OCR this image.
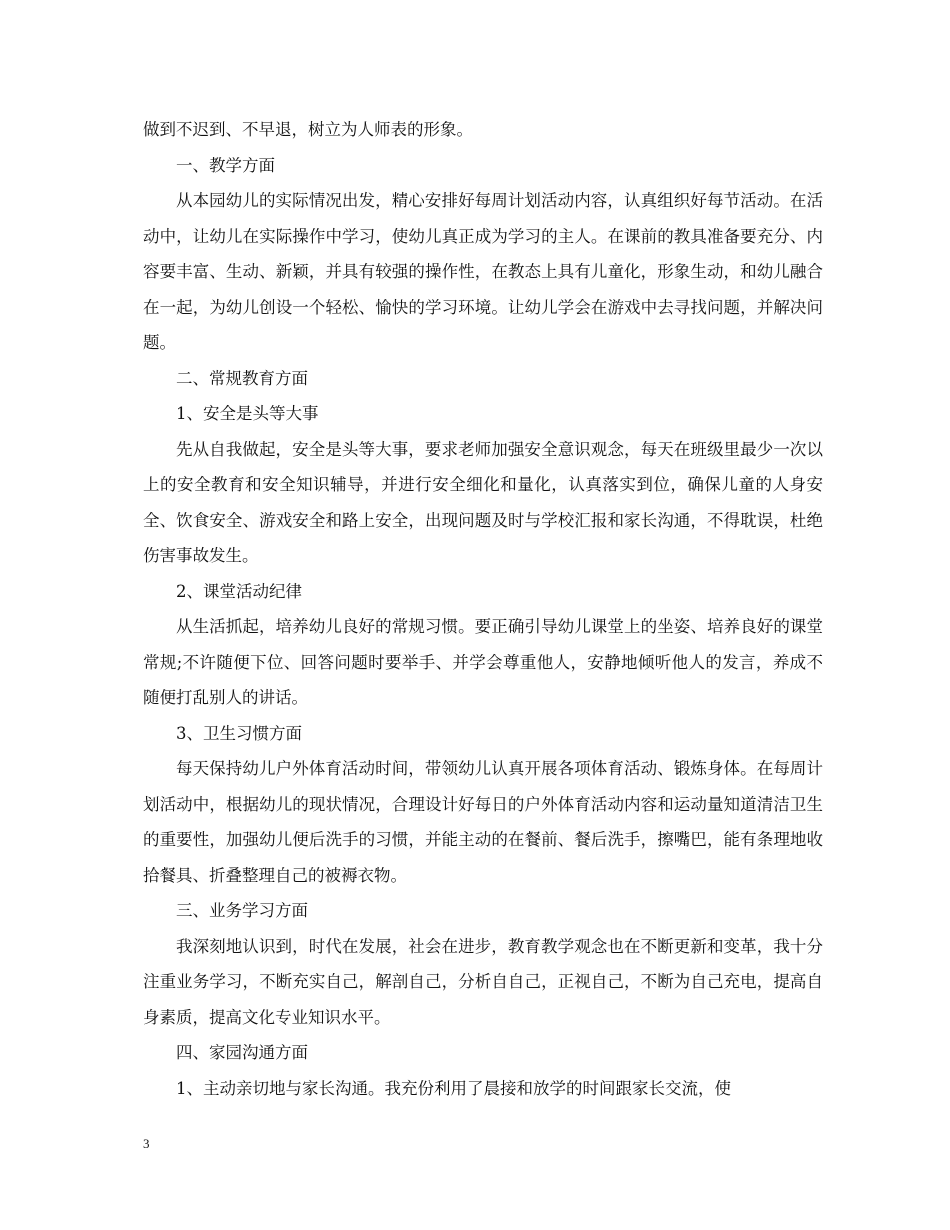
做到不迟到、不早退，树立为人师表的形象。

一、教学方面

从本园幼儿的实际情况出发，精心安排好每周计划活动内容，认真组织好每节活动。在活动中，让幼儿在实际操作中学习，使幼儿真正成为学习的主人。在课前的教具准备要充分、内容要丰富、生动、新颖，并具有较强的操作性，在教态上具有儿童化，形象生动，和幼儿融合在一起，为幼儿创设一个轻松、愉快的学习环境。让幼儿学会在游戏中去寻找问题，并解决问题。

二、常规教育方面

1、安全是头等大事

先从自我做起，安全是头等大事，要求老师加强安全意识观念，每天在班级里最少一次以上的安全教育和安全知识辅导，并进行安全细化和量化，认真落实到位，确保儿童的人身安全、饮食安全、游戏安全和路上安全，出现问题及时与学校汇报和家长沟通，不得耽误，杜绝伤害事故发生。

2、课堂活动纪律

从生活抓起，培养幼儿良好的常规习惯。要正确引导幼儿课堂上的坐姿、培养良好的课堂常规;不许随便下位、回答问题时要举手、并学会尊重他人，安静地倾听他人的发言，养成不随便打乱别人的讲话。

3、卫生习惯方面

每天保持幼儿户外体育活动时间，带领幼儿认真开展各项体育活动、锻炼身体。在每周计划活动中，根据幼儿的现状情况，合理设计好每日的户外体育活动内容和运动量知道清洁卫生的重要性，加强幼儿便后洗手的习惯，并能主动的在餐前、餐后洗手，擦嘴巴，能有条理地收拾餐具、折叠整理自己的被褥衣物。

三、业务学习方面

我深刻地认识到，时代在发展，社会在进步，教育教学观念也在不断更新和变革，我十分注重业务学习，不断充实自己，解剖自己，分析自自己，正视自己，不断为自己充电，提高自身素质，提高文化专业知识水平。

四、家园沟通方面

1、主动亲切地与家长沟通。我充份利用了晨接和放学的时间跟家长交流，使

3
